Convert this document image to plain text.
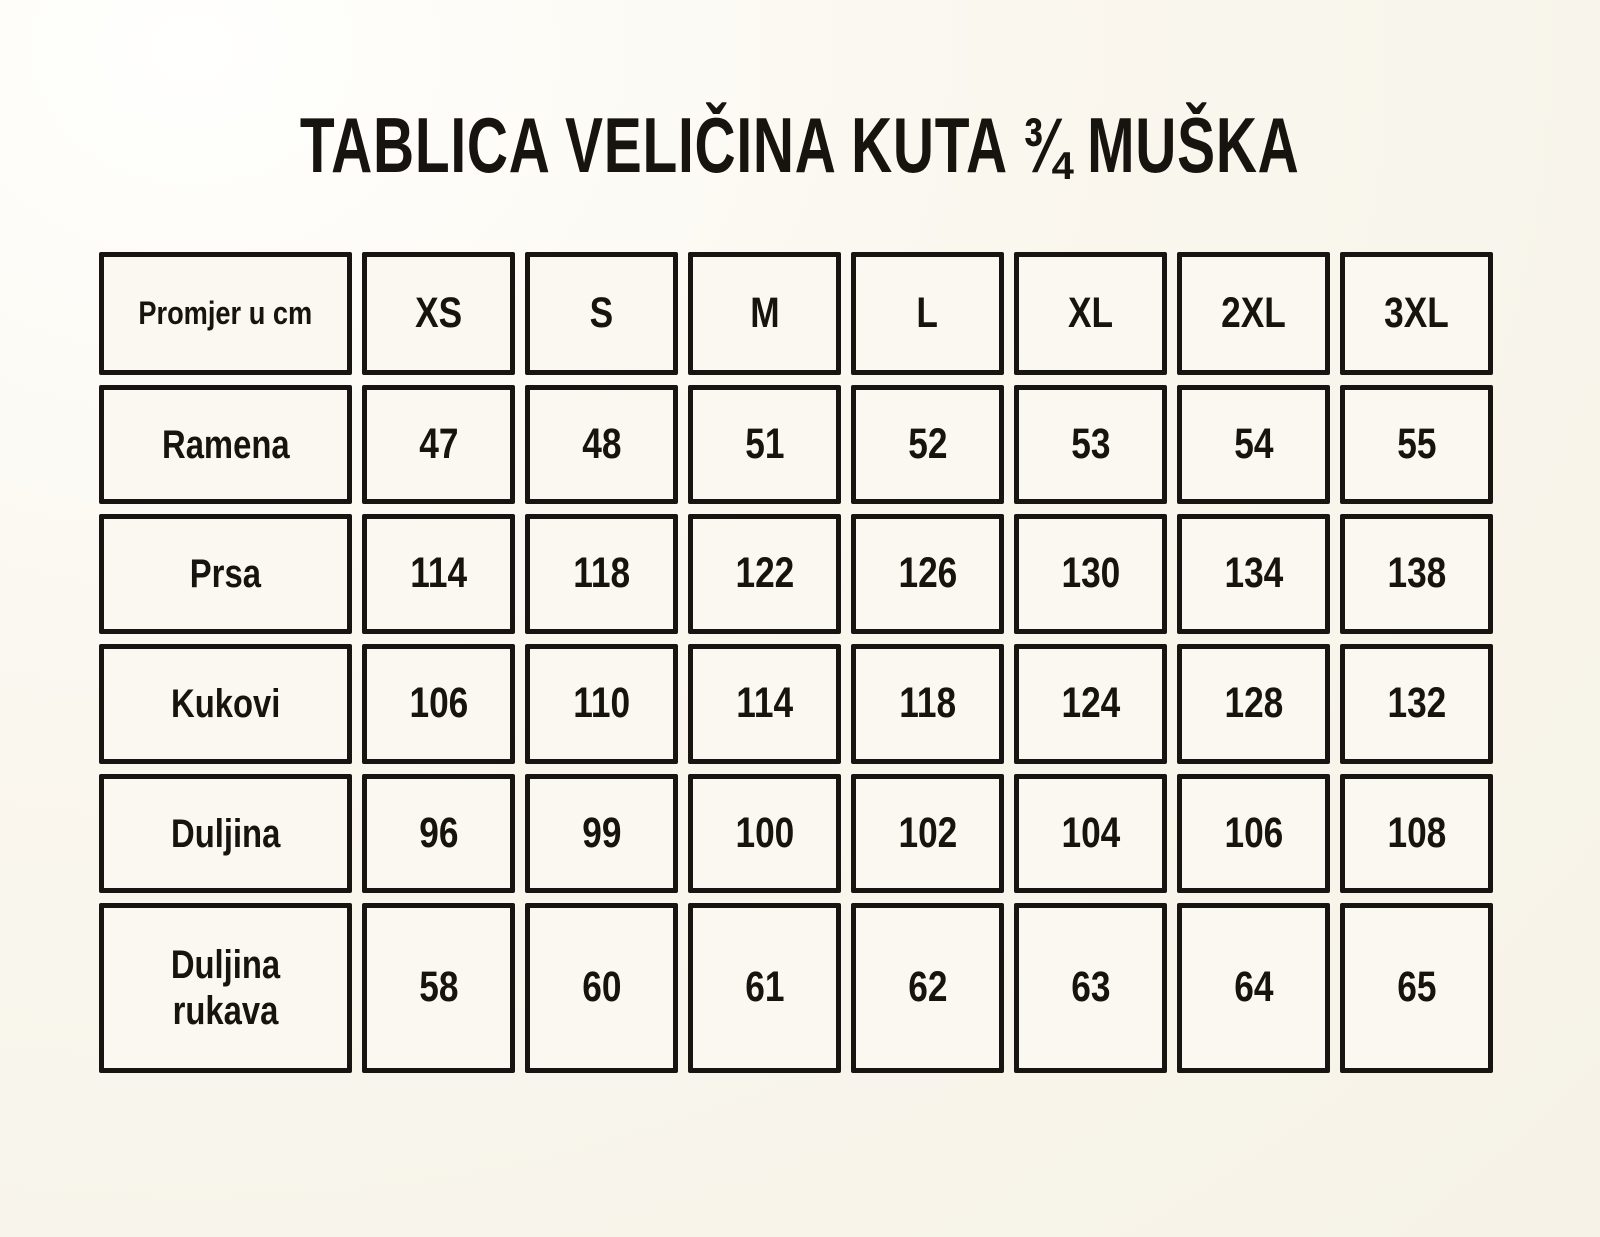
TABLICA VELIČINA KUTA ¾ MUŠKA
Promjer u cm XS	S	M	L	XL	2XL 3XL
Ramena	47	48	51	52	53	54	55
Prsa	114 118 122 126 130 134 138
Kukovi	106 110 114 118 124 128 132
Duljina	96	99	100 102 104 106 108
Duljina rukava	58	60	61	62	63	64	65
